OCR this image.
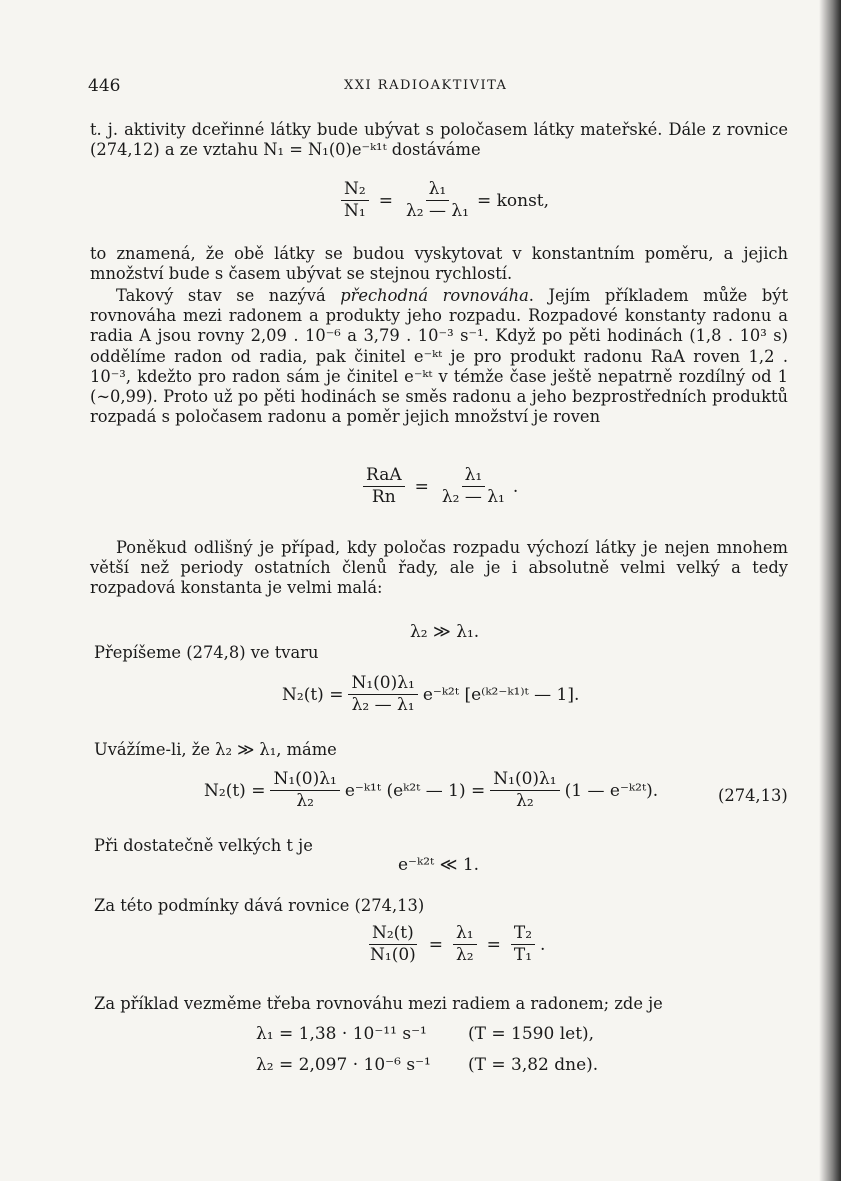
446	XXI RADIOAKTIVITA
t. j. aktivity dceřinné látky bude ubývat s poločasem látky mateřské. Dále z rovnice (274,12) a ze vztahu N₁ = N₁(0)e⁻ᵏ¹ᵗ dostáváme
$\frac{\text{N₂}}{\text{N₁}} = \frac{\text{λ₁}}{\text{λ₂ — λ₁}}$ = konst,
to znamená, že obě látky se budou vyskytovat v konstantním poměru, a jejich množství bude s časem ubývat se stejnou rychlostí.
Takový stav se nazývá přechodná rovnováha. Jejím příkladem může být rovnováha mezi radonem a produkty jeho rozpadu. Rozpadové konstanty radonu a radia A jsou rovny 2,09 . 10⁻⁶ a 3,79 . 10⁻³ s⁻¹. Když po pěti hodinách (1,8 . 10³ s) oddělíme radon od radia, pak činitel e⁻ᵏᵗ je pro produkt radonu RaA roven 1,2 . 10⁻³, kdežto pro radon sám je činitel e⁻ᵏᵗ v témže čase ještě nepatrně rozdílný od 1 (∼0,99). Proto už po pěti hodinách se směs radonu a jeho bezprostředních produktů rozpadá s poločasem radonu a poměr jejich množství je roven
$\frac{\text{RaA}}{Rn} = \frac{\text{λ₁}}{\text{λ₂ — λ₁}}$ .
Poněkud odlišný je případ, kdy poločas rozpadu výchozí látky je nejen mnohem větší než periody ostatních členů řady, ale je i absolutně velmi velký a tedy rozpadová konstanta je velmi malá:
λ₂ ≫ λ₁.
Přepíšeme (274,8) ve tvaru
$N_2(t) = \frac{\text{N₁(0)λ₁}}{\text{λ₂ — λ₁}}$ e⁻ᵏ²ᵗ [e⁽ᵏ²⁻ᵏ¹⁾ᵗ — 1].
Uvážíme-li, že λ₂ ≫ λ₁, máme
$N_2(t) = \frac{\text{N₁(0)λ₁}}{\text{λ₂}}$ e⁻ᵏ¹ᵗ (eᵏ²ᵗ — $1) = \frac{\text{N₁(0)λ₁}}{\text{λ₂}} (1$ — e⁻ᵏ²ᵗ).	(274,13)
Při dostatečně velkých t je
e⁻ᵏ²ᵗ ≪ 1.
Za této podmínky dává rovnice (274,13)
$\frac{\text{N₂(t)}}{\text{N₁(0)}} = \frac{\text{λ₁}}{\text{λ₂}} = \frac{\text{T₂}}{\text{T₁}}$ .
Za příklad vezměme třeba rovnováhu mezi radiem a radonem; zde je
λ₁ = 1,38 · 10⁻¹¹ s⁻¹ (T = 1590 let),
λ₂ = 2,097 · 10⁻⁶ s⁻¹ (T = 3,82 dne).
